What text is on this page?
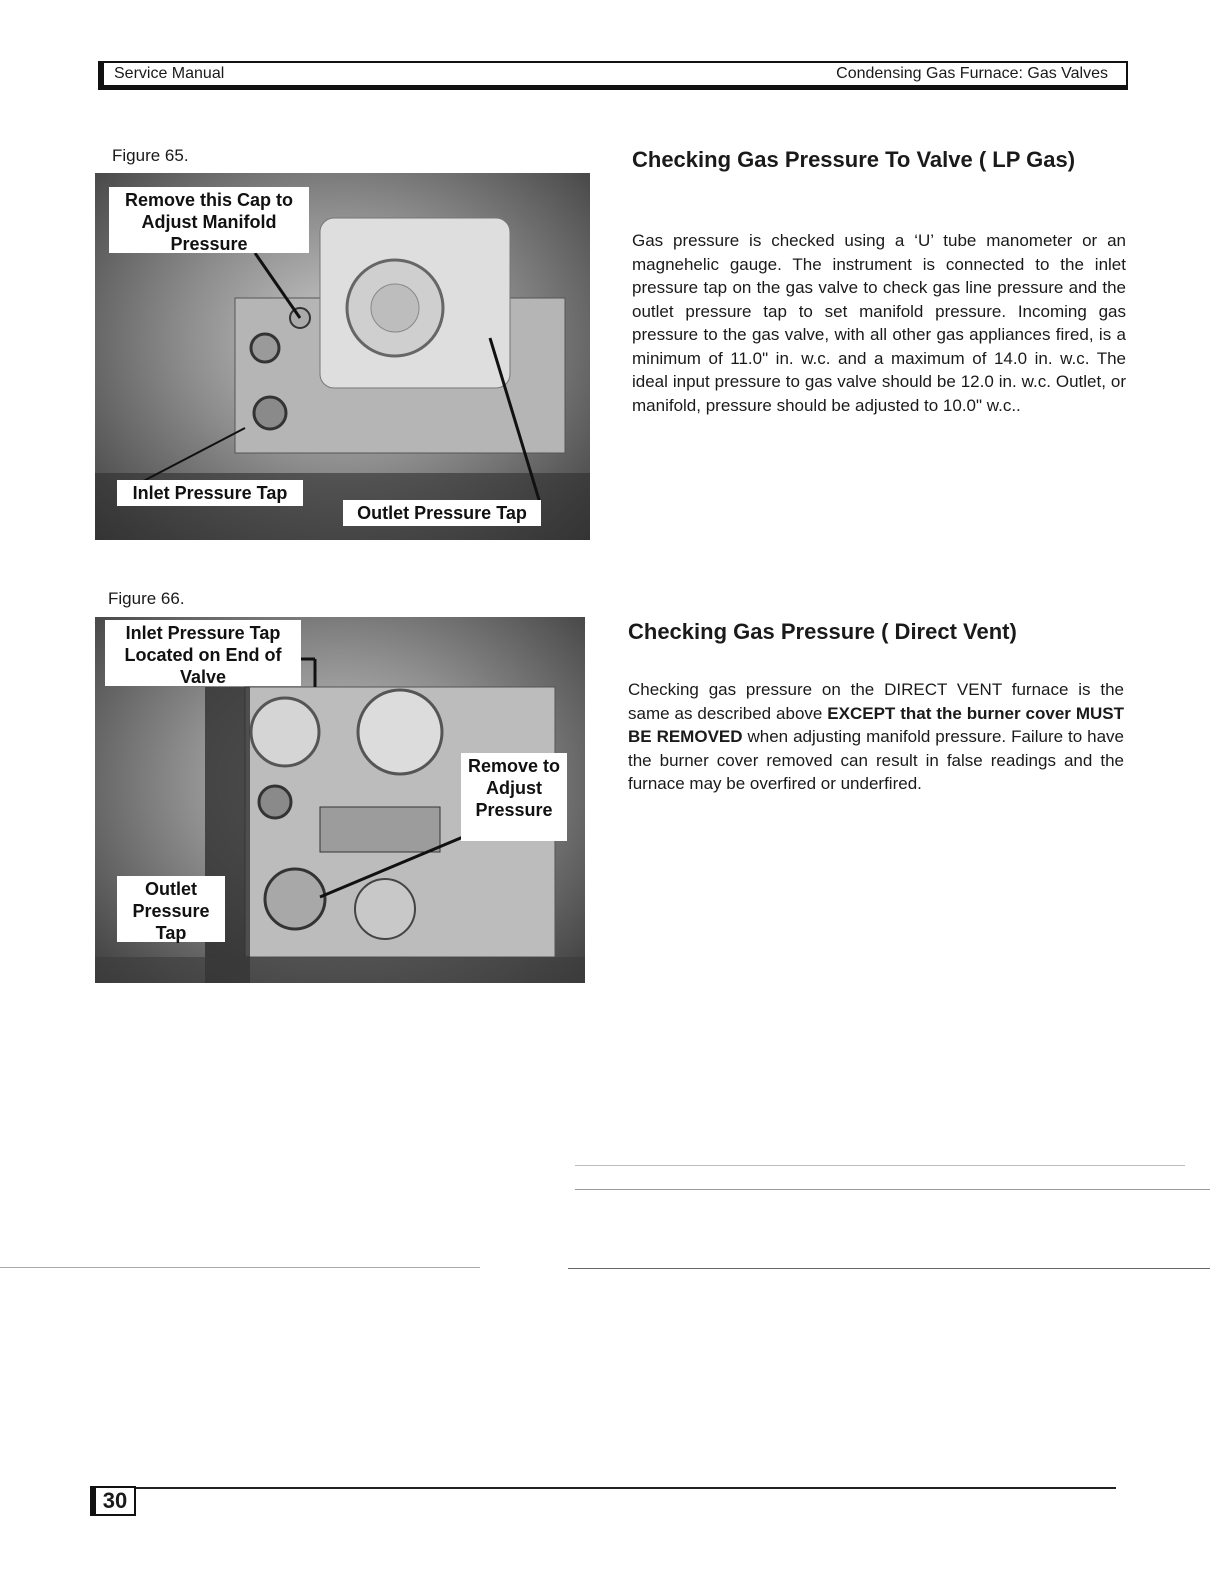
Service Manual	Condensing Gas Furnace: Gas Valves
Figure 65.
Remove this Cap to Adjust Manifold Pressure
Inlet Pressure Tap
Outlet Pressure Tap
Checking Gas Pressure To Valve ( LP Gas)
Gas pressure is checked using a ‘U’ tube manometer or an magnehelic gauge. The instrument is connected to the inlet pressure tap on the gas valve to check gas line pressure and the outlet pressure tap to set manifold pressure. Incoming gas pressure to the gas valve, with all other gas appliances fired, is a minimum of 11.0" in. w.c. and a maximum of 14.0 in. w.c. The ideal input pressure to gas valve should be 12.0 in. w.c. Outlet, or manifold, pressure should be adjusted to 10.0" w.c..
Figure 66.
Inlet Pressure Tap Located on End of Valve
Remove to Adjust Pressure
Outlet Pressure Tap
Checking Gas Pressure ( Direct Vent)
Checking gas pressure on the DIRECT VENT furnace is the same as described above EXCEPT that the burner cover MUST BE REMOVED when adjusting manifold pressure. Failure to have the burner cover removed can result in false readings and the furnace may be overfired or underfired.
30
